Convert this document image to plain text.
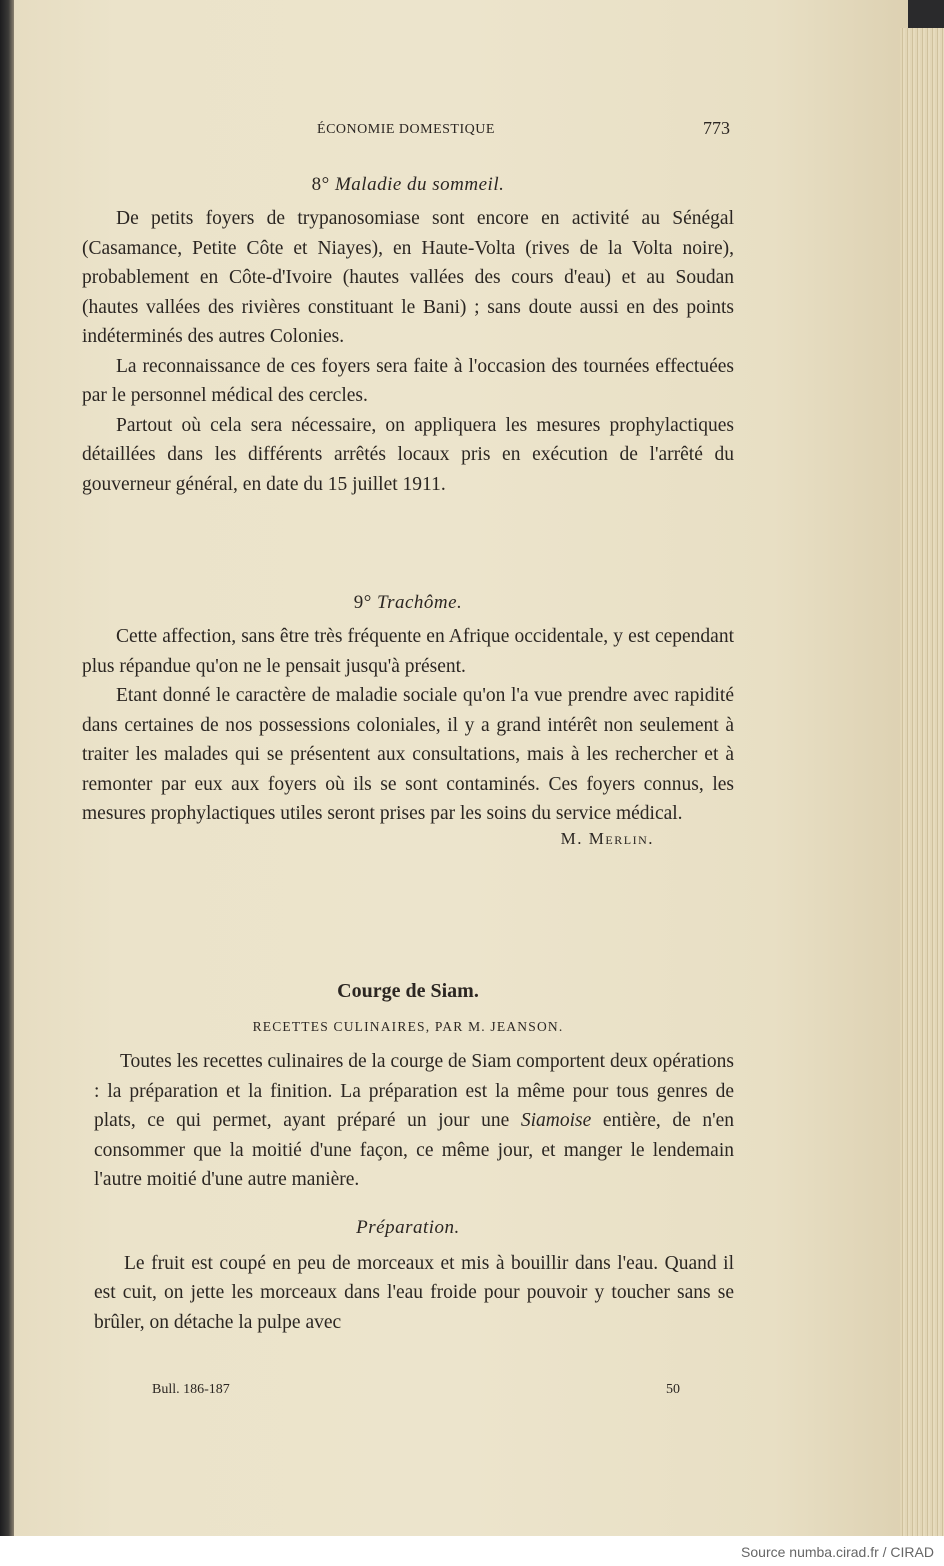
ÉCONOMIE DOMESTIQUE	773
8° Maladie du sommeil.

De petits foyers de trypanosomiase sont encore en activité au Sénégal (Casamance, Petite Côte et Niayes), en Haute-Volta (rives de la Volta noire), probablement en Côte-d'Ivoire (hautes vallées des cours d'eau) et au Soudan (hautes vallées des rivières constituant le Bani) ; sans doute aussi en des points indéterminés des autres Colonies.

La reconnaissance de ces foyers sera faite à l'occasion des tournées effectuées par le personnel médical des cercles.

Partout où cela sera nécessaire, on appliquera les mesures prophylactiques détaillées dans les différents arrêtés locaux pris en exécution de l'arrêté du gouverneur général, en date du 15 juillet 1911.

9° Trachôme.

Cette affection, sans être très fréquente en Afrique occidentale, y est cependant plus répandue qu'on ne le pensait jusqu'à présent.

Etant donné le caractère de maladie sociale qu'on l'a vue prendre avec rapidité dans certaines de nos possessions coloniales, il y a grand intérêt non seulement à traiter les malades qui se présentent aux consultations, mais à les rechercher et à remonter par eux aux foyers où ils se sont contaminés. Ces foyers connus, les mesures prophylactiques utiles seront prises par les soins du service médical.

M. Merlin.
Courge de Siam.
RECETTES CULINAIRES, PAR M. JEANSON.

Toutes les recettes culinaires de la courge de Siam comportent deux opérations : la préparation et la finition. La préparation est la même pour tous genres de plats, ce qui permet, ayant préparé un jour une Siamoise entière, de n'en consommer que la moitié d'une façon, ce même jour, et manger le lendemain l'autre moitié d'une autre manière.

Préparation.

Le fruit est coupé en peu de morceaux et mis à bouillir dans l'eau. Quand il est cuit, on jette les morceaux dans l'eau froide pour pouvoir y toucher sans se brûler, on détache la pulpe avec

Bull. 186-187	50
Source numba.cirad.fr / CIRAD
